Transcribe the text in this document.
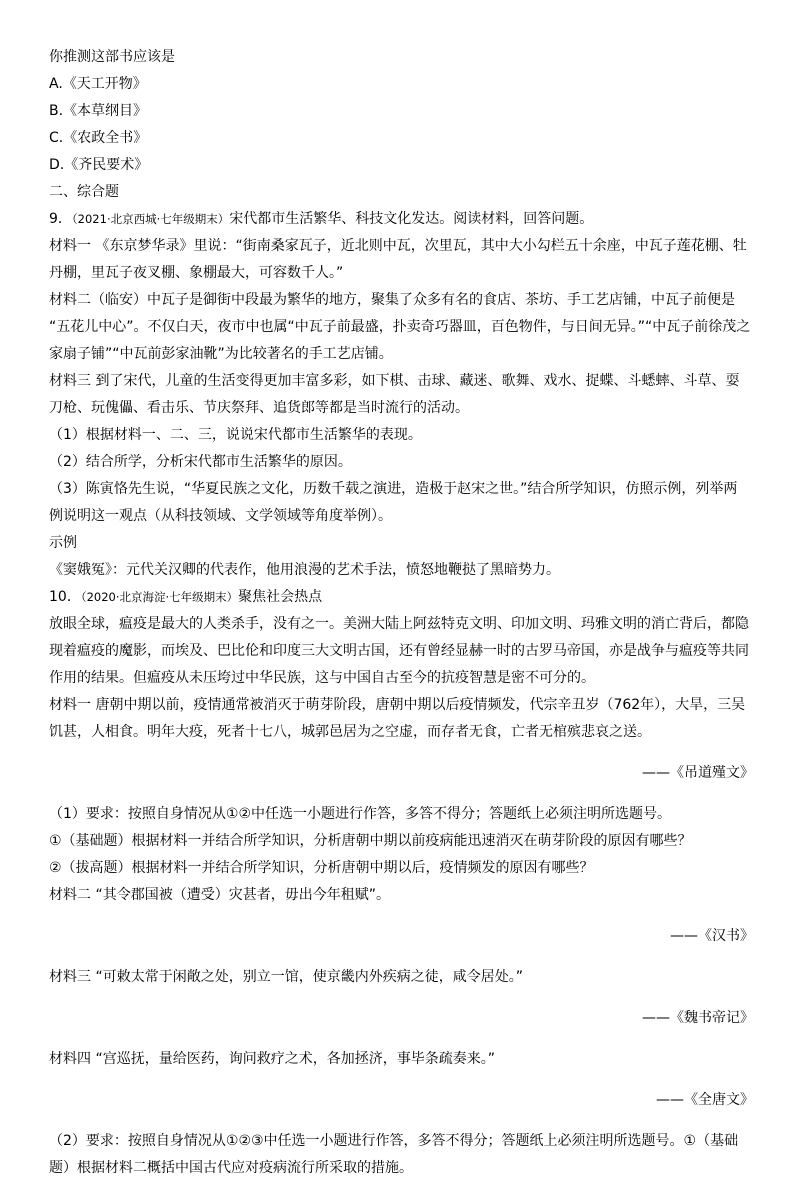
你推测这部书应该是

A.《天工开物》

B.《本草纲目》

C.《农政全书》

D.《齐民要术》

二、综合题

9．（2021·北京西城·七年级期末）宋代都市生活繁华、科技文化发达。阅读材料，回答问题。

材料一 《东京梦华录》里说：“街南桑家瓦子，近北则中瓦，次里瓦，其中大小勾栏五十余座，中瓦子莲花棚、牡

丹棚，里瓦子夜叉棚、象棚最大，可容数千人。”

材料二（临安）中瓦子是御街中段最为繁华的地方，聚集了众多有名的食店、茶坊、手工艺店铺，中瓦子前便是

“五花儿中心”。不仅白天，夜市中也属“中瓦子前最盛，扑卖奇巧器皿，百色物件，与日间无异。”“中瓦子前徐茂之

家扇子铺”“中瓦前彭家油靴”为比较著名的手工艺店铺。

材料三 到了宋代，儿童的生活变得更加丰富多彩，如下棋、击球、藏迷、歌舞、戏水、捉蝶、斗蟋蟀、斗草、耍

刀枪、玩傀儡、看击乐、节庆祭拜、追货郎等都是当时流行的活动。

（1）根据材料一、二、三，说说宋代都市生活繁华的表现。

（2）结合所学，分析宋代都市生活繁华的原因。

（3）陈寅恪先生说，“华夏民族之文化，历数千载之演进，造极于赵宋之世。”结合所学知识，仿照示例，列举两

例说明这一观点（从科技领域、文学领域等角度举例）。

示例

《窦娥冤》：元代关汉卿的代表作，他用浪漫的艺术手法，愤怒地鞭挞了黑暗势力。

10．（2020·北京海淀·七年级期末）聚焦社会热点

放眼全球，瘟疫是最大的人类杀手，没有之一。美洲大陆上阿兹特克文明、印加文明、玛雅文明的消亡背后，都隐

现着瘟疫的魔影，而埃及、巴比伦和印度三大文明古国，还有曾经显赫一时的古罗马帝国，亦是战争与瘟疫等共同

作用的结果。但瘟疫从未压垮过中华民族，这与中国自古至今的抗疫智慧是密不可分的。

材料一 唐朝中期以前，疫情通常被消灭于萌芽阶段，唐朝中期以后疫情频发，代宗辛丑岁（762年），大旱，三吴

饥甚，人相食。明年大疫，死者十七八，城郭邑居为之空虚，而存者无食，亡者无棺殡悲哀之送。

——《吊道殣文》

（1）要求：按照自身情况从①②中任选一小题进行作答，多答不得分；答题纸上必须注明所选题号。

①（基础题）根据材料一并结合所学知识，分析唐朝中期以前疫病能迅速消灭在萌芽阶段的原因有哪些？

②（拔高题）根据材料一并结合所学知识，分析唐朝中期以后，疫情频发的原因有哪些？

材料二 “其令郡国被（遭受）灾甚者，毋出今年租赋”。

——《汉书》

材料三 “可敕太常于闲敞之处，别立一馆，使京畿内外疾病之徒，咸令居处。”

——《魏书帝记》

材料四 “宫巡抚，量给医药，询问救疗之术，各加拯济，事毕条疏奏来。”

——《全唐文》

（2）要求：按照自身情况从①②③中任选一小题进行作答，多答不得分；答题纸上必须注明所选题号。①（基础

题）根据材料二概括中国古代应对疫病流行所采取的措施。
